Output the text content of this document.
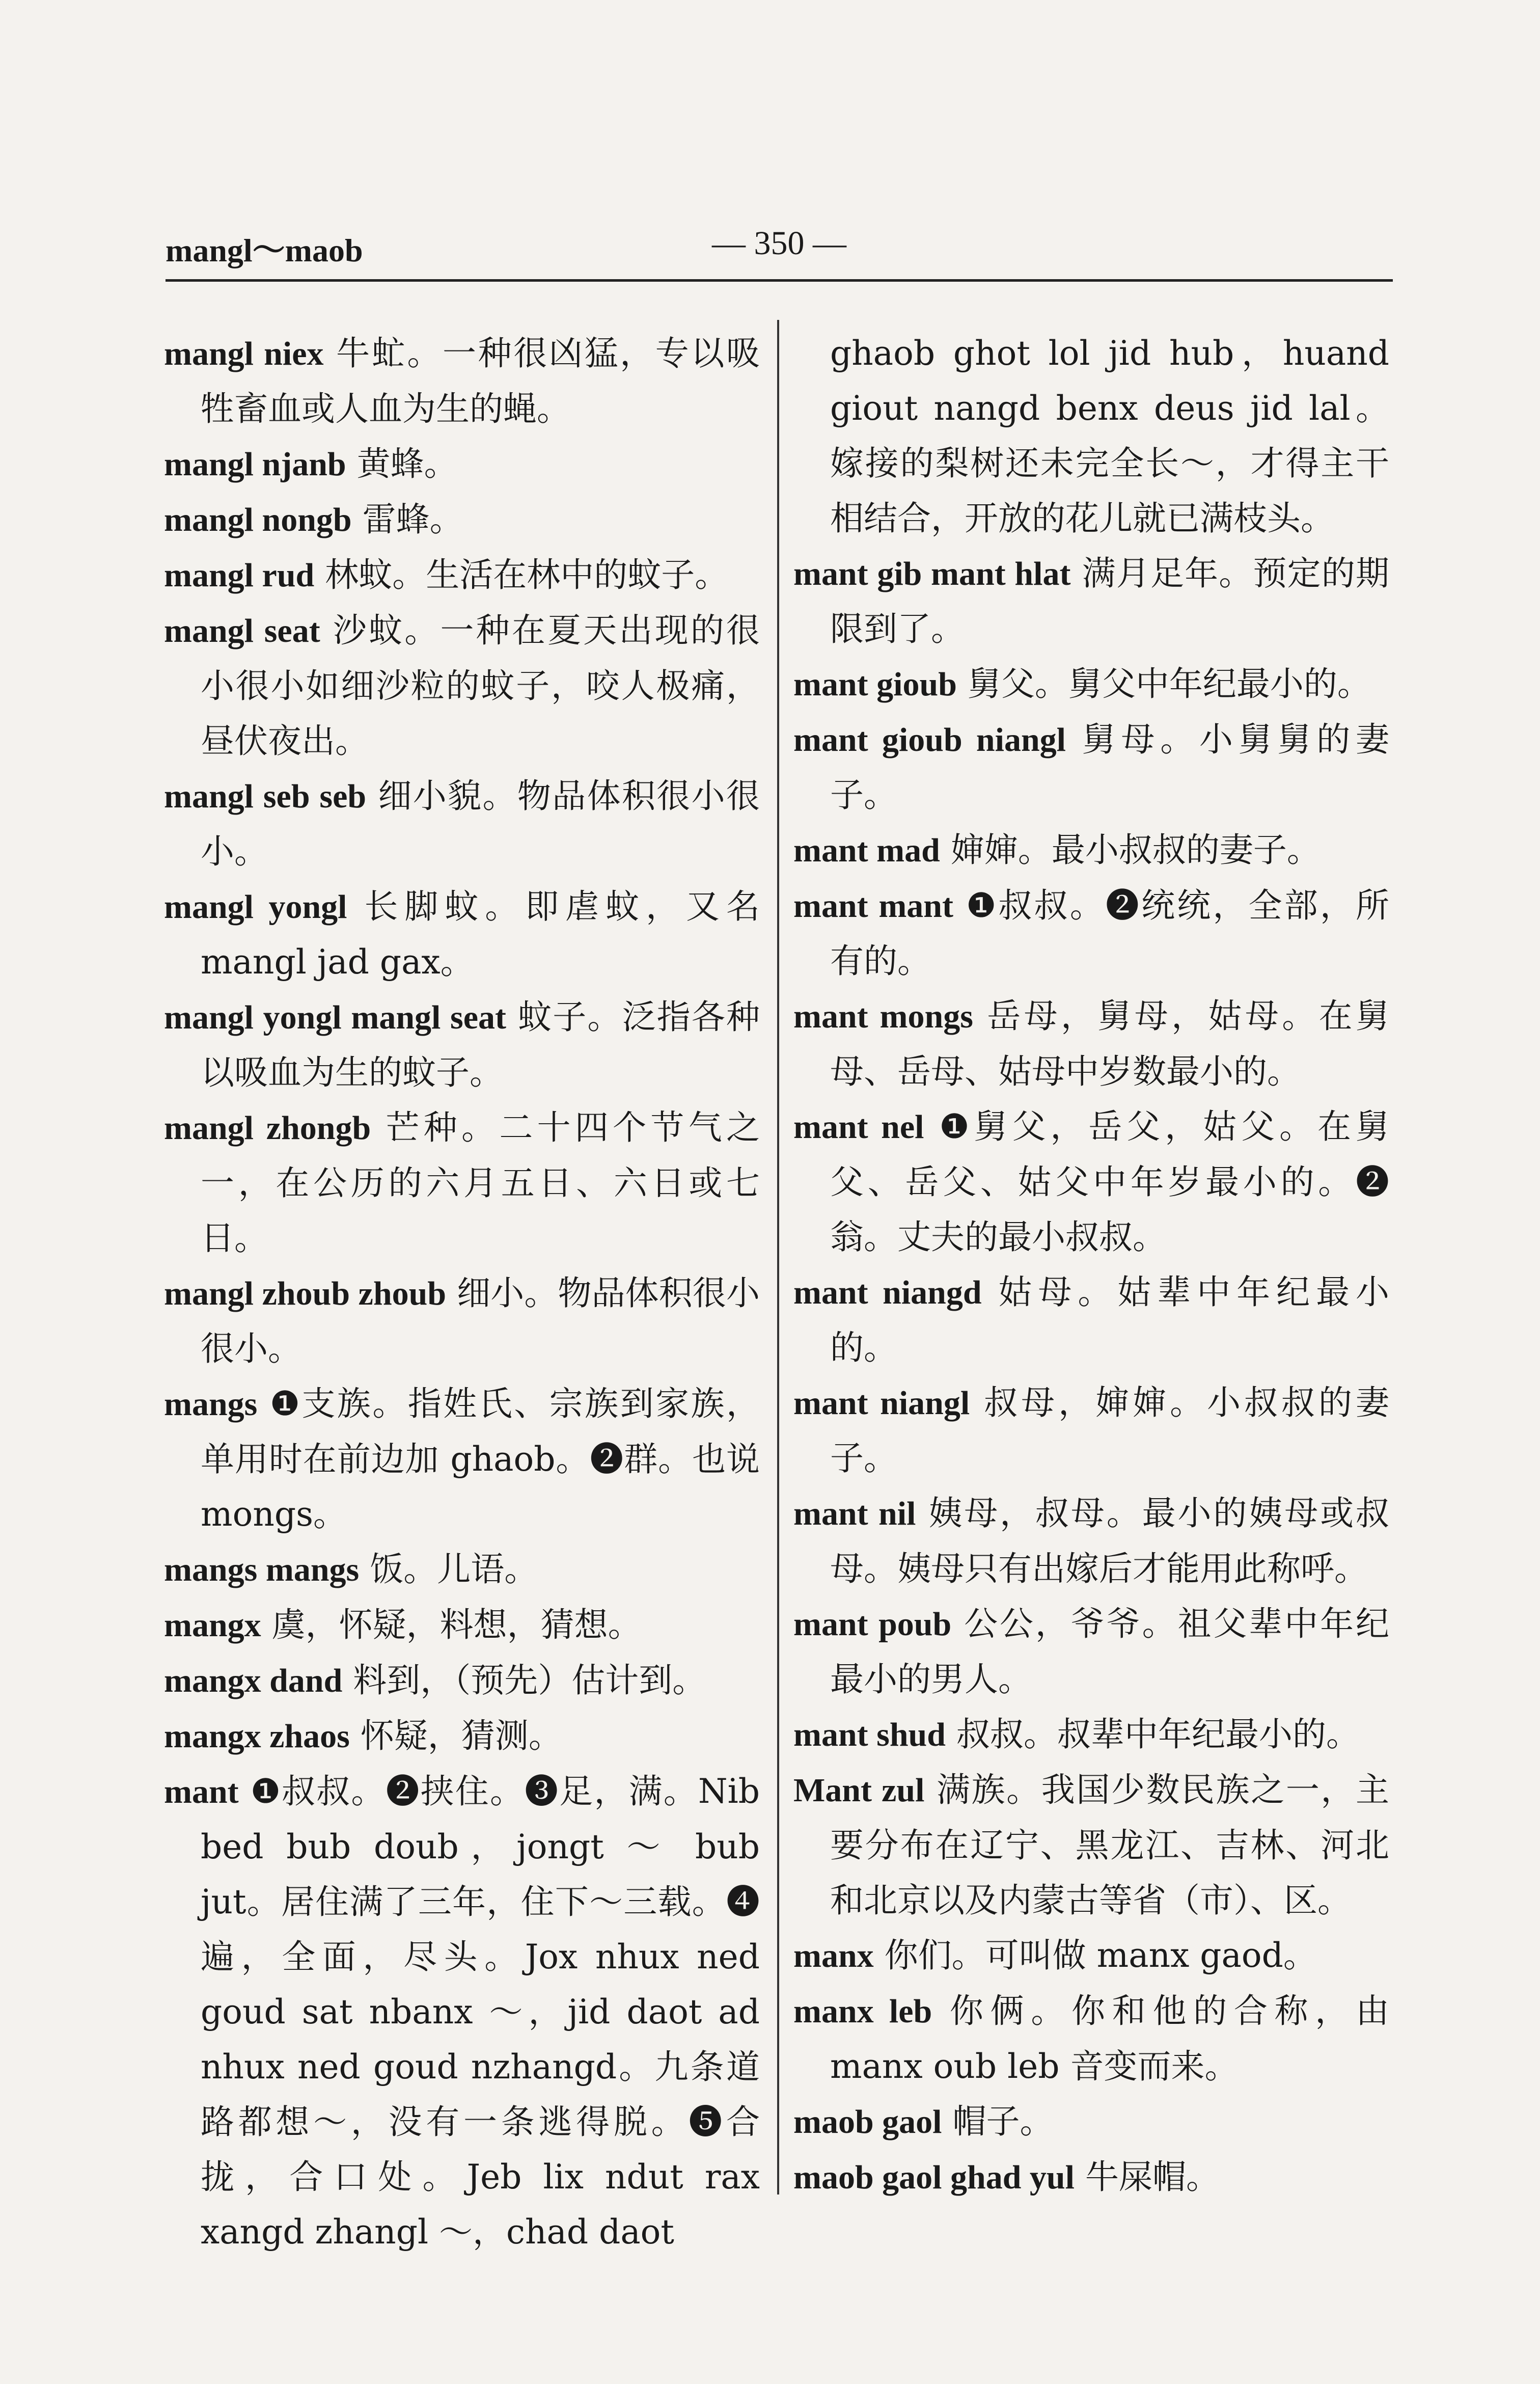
mangl～maob	— 350 —

mangl niex 牛虻。一种很凶猛，专以吸牲畜血或人血为生的蝇。

mangl njanb 黄蜂。

mangl nongb 雷蜂。

mangl rud 林蚊。生活在林中的蚊子。

mangl seat 沙蚊。一种在夏天出现的很小很小如细沙粒的蚊子，咬人极痛，昼伏夜出。

mangl seb seb 细小貌。物品体积很小很小。

mangl yongl 长脚蚊。即虐蚊，又名 mangl jad gax。

mangl yongl mangl seat 蚊子。泛指各种以吸血为生的蚊子。

mangl zhongb 芒种。二十四个节气之一，在公历的六月五日、六日或七日。

mangl zhoub zhoub 细小。物品体积很小很小。

mangs ❶支族。指姓氏、宗族到家族，单用时在前边加 ghaob。❷群。也说 mongs。

mangs mangs 饭。儿语。

mangx 虞，怀疑，料想，猜想。

mangx dand 料到，（预先）估计到。

mangx zhaos 怀疑，猜测。

mant ❶叔叔。❷挟住。❸足，满。Nib bed bub doub，jongt ～ bub jut。居住满了三年，住下～三载。❹遍，全面，尽头。Jox nhux ned goud sat nbanx ～，jid daot ad nhux ned goud nzhangd。九条道路都想～，没有一条逃得脱。❺合拢，合口处。Jeb lix ndut rax xangd zhangl ～，chad daot

ghaob ghot lol jid hub，huand giout nangd benx deus jid lal。嫁接的梨树还未完全长～，才得主干相结合，开放的花儿就已满枝头。

mant gib mant hlat 满月足年。预定的期限到了。

mant gioub 舅父。舅父中年纪最小的。

mant gioub niangl 舅母。小舅舅的妻子。

mant mad 婶婶。最小叔叔的妻子。

mant mant ❶叔叔。❷统统，全部，所有的。

mant mongs 岳母，舅母，姑母。在舅母、岳母、姑母中岁数最小的。

mant nel ❶舅父，岳父，姑父。在舅父、岳父、姑父中年岁最小的。❷翁。丈夫的最小叔叔。

mant niangd 姑母。姑辈中年纪最小的。

mant niangl 叔母，婶婶。小叔叔的妻子。

mant nil 姨母，叔母。最小的姨母或叔母。姨母只有出嫁后才能用此称呼。

mant poub 公公，爷爷。祖父辈中年纪最小的男人。

mant shud 叔叔。叔辈中年纪最小的。

Mant zul 满族。我国少数民族之一，主要分布在辽宁、黑龙江、吉林、河北和北京以及内蒙古等省（市）、区。

manx 你们。可叫做 manx gaod。

manx leb 你俩。你和他的合称，由 manx oub leb 音变而来。

maob gaol 帽子。

maob gaol ghad yul 牛屎帽。
